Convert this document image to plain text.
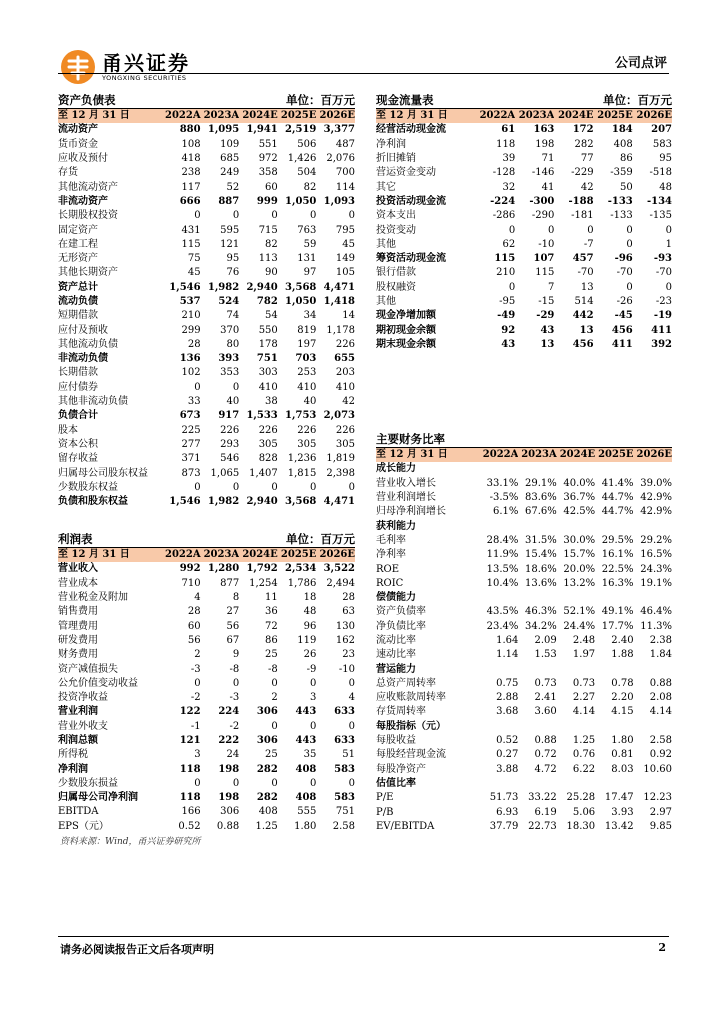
甬兴证券
YONGXING SECURITIES
公司点评
资产负债表	单位：百万元
至 12 月 31 日	2022A	2023A	2024E	2025E	2026E
流动资产	880	1,095	1,941	2,519	3,377
货币资金	108	109	551	506	487
应收及预付	418	685	972	1,426	2,076
存货	238	249	358	504	700
其他流动资产	117	52	60	82	114
非流动资产	666	887	999	1,050	1,093
长期股权投资	0	0	0	0	0
固定资产	431	595	715	763	795
在建工程	115	121	82	59	45
无形资产	75	95	113	131	149
其他长期资产	45	76	90	97	105
资产总计	1,546	1,982	2,940	3,568	4,471
流动负债	537	524	782	1,050	1,418
短期借款	210	74	54	34	14
应付及预收	299	370	550	819	1,178
其他流动负债	28	80	178	197	226
非流动负债	136	393	751	703	655
长期借款	102	353	303	253	203
应付债券	0	0	410	410	410
其他非流动负债	33	40	38	40	42
负债合计	673	917	1,533	1,753	2,073
股本	225	226	226	226	226
资本公积	277	293	305	305	305
留存收益	371	546	828	1,236	1,819
归属母公司股东权益	873	1,065	1,407	1,815	2,398
少数股东权益	0	0	0	0	0
负债和股东权益	1,546	1,982	2,940	3,568	4,471
现金流量表	单位：百万元
至 12 月 31 日	2022A	2023A	2024E	2025E	2026E
经营活动现金流	61	163	172	184	207
净利润	118	198	282	408	583
折旧摊销	39	71	77	86	95
营运资金变动	-128	-146	-229	-359	-518
其它	32	41	42	50	48
投资活动现金流	-224	-300	-188	-133	-134
资本支出	-286	-290	-181	-133	-135
投资变动	0	0	0	0	0
其他	62	-10	-7	0	1
筹资活动现金流	115	107	457	-96	-93
银行借款	210	115	-70	-70	-70
股权融资	0	7	13	0	0
其他	-95	-15	514	-26	-23
现金净增加额	-49	-29	442	-45	-19
期初现金余额	92	43	13	456	411
期末现金余额	43	13	456	411	392
利润表	单位：百万元
至 12 月 31 日	2022A	2023A	2024E	2025E	2026E
营业收入	992	1,280	1,792	2,534	3,522
营业成本	710	877	1,254	1,786	2,494
营业税金及附加	4	8	11	18	28
销售费用	28	27	36	48	63
管理费用	60	56	72	96	130
研发费用	56	67	86	119	162
财务费用	2	9	25	26	23
资产减值损失	-3	-8	-8	-9	-10
公允价值变动收益	0	0	0	0	0
投资净收益	-2	-3	2	3	4
营业利润	122	224	306	443	633
营业外收支	-1	-2	0	0	0
利润总额	121	222	306	443	633
所得税	3	24	25	35	51
净利润	118	198	282	408	583
少数股东损益	0	0	0	0	0
归属母公司净利润	118	198	282	408	583
EBITDA	166	306	408	555	751
EPS（元）	0.52	0.88	1.25	1.80	2.58
主要财务比率
至 12 月 31 日	2022A	2023A	2024E	2025E	2026E
成长能力					
营业收入增长	33.1%	29.1%	40.0%	41.4%	39.0%
营业利润增长	-3.5%	83.6%	36.7%	44.7%	42.9%
归母净利润增长	6.1%	67.6%	42.5%	44.7%	42.9%
获利能力					
毛利率	28.4%	31.5%	30.0%	29.5%	29.2%
净利率	11.9%	15.4%	15.7%	16.1%	16.5%
ROE	13.5%	18.6%	20.0%	22.5%	24.3%
ROIC	10.4%	13.6%	13.2%	16.3%	19.1%
偿债能力					
资产负债率	43.5%	46.3%	52.1%	49.1%	46.4%
净负债比率	23.4%	34.2%	24.4%	17.7%	11.3%
流动比率	1.64	2.09	2.48	2.40	2.38
速动比率	1.14	1.53	1.97	1.88	1.84
营运能力					
总资产周转率	0.75	0.73	0.73	0.78	0.88
应收账款周转率	2.88	2.41	2.27	2.20	2.08
存货周转率	3.68	3.60	4.14	4.15	4.14
每股指标（元）					
每股收益	0.52	0.88	1.25	1.80	2.58
每股经营现金流	0.27	0.72	0.76	0.81	0.92
每股净资产	3.88	4.72	6.22	8.03	10.60
估值比率					
P/E	51.73	33.22	25.28	17.47	12.23
P/B	6.93	6.19	5.06	3.93	2.97
EV/EBITDA	37.79	22.73	18.30	13.42	9.85
资料来源：Wind，甬兴证券研究所
请务必阅读报告正文后各项声明	2
